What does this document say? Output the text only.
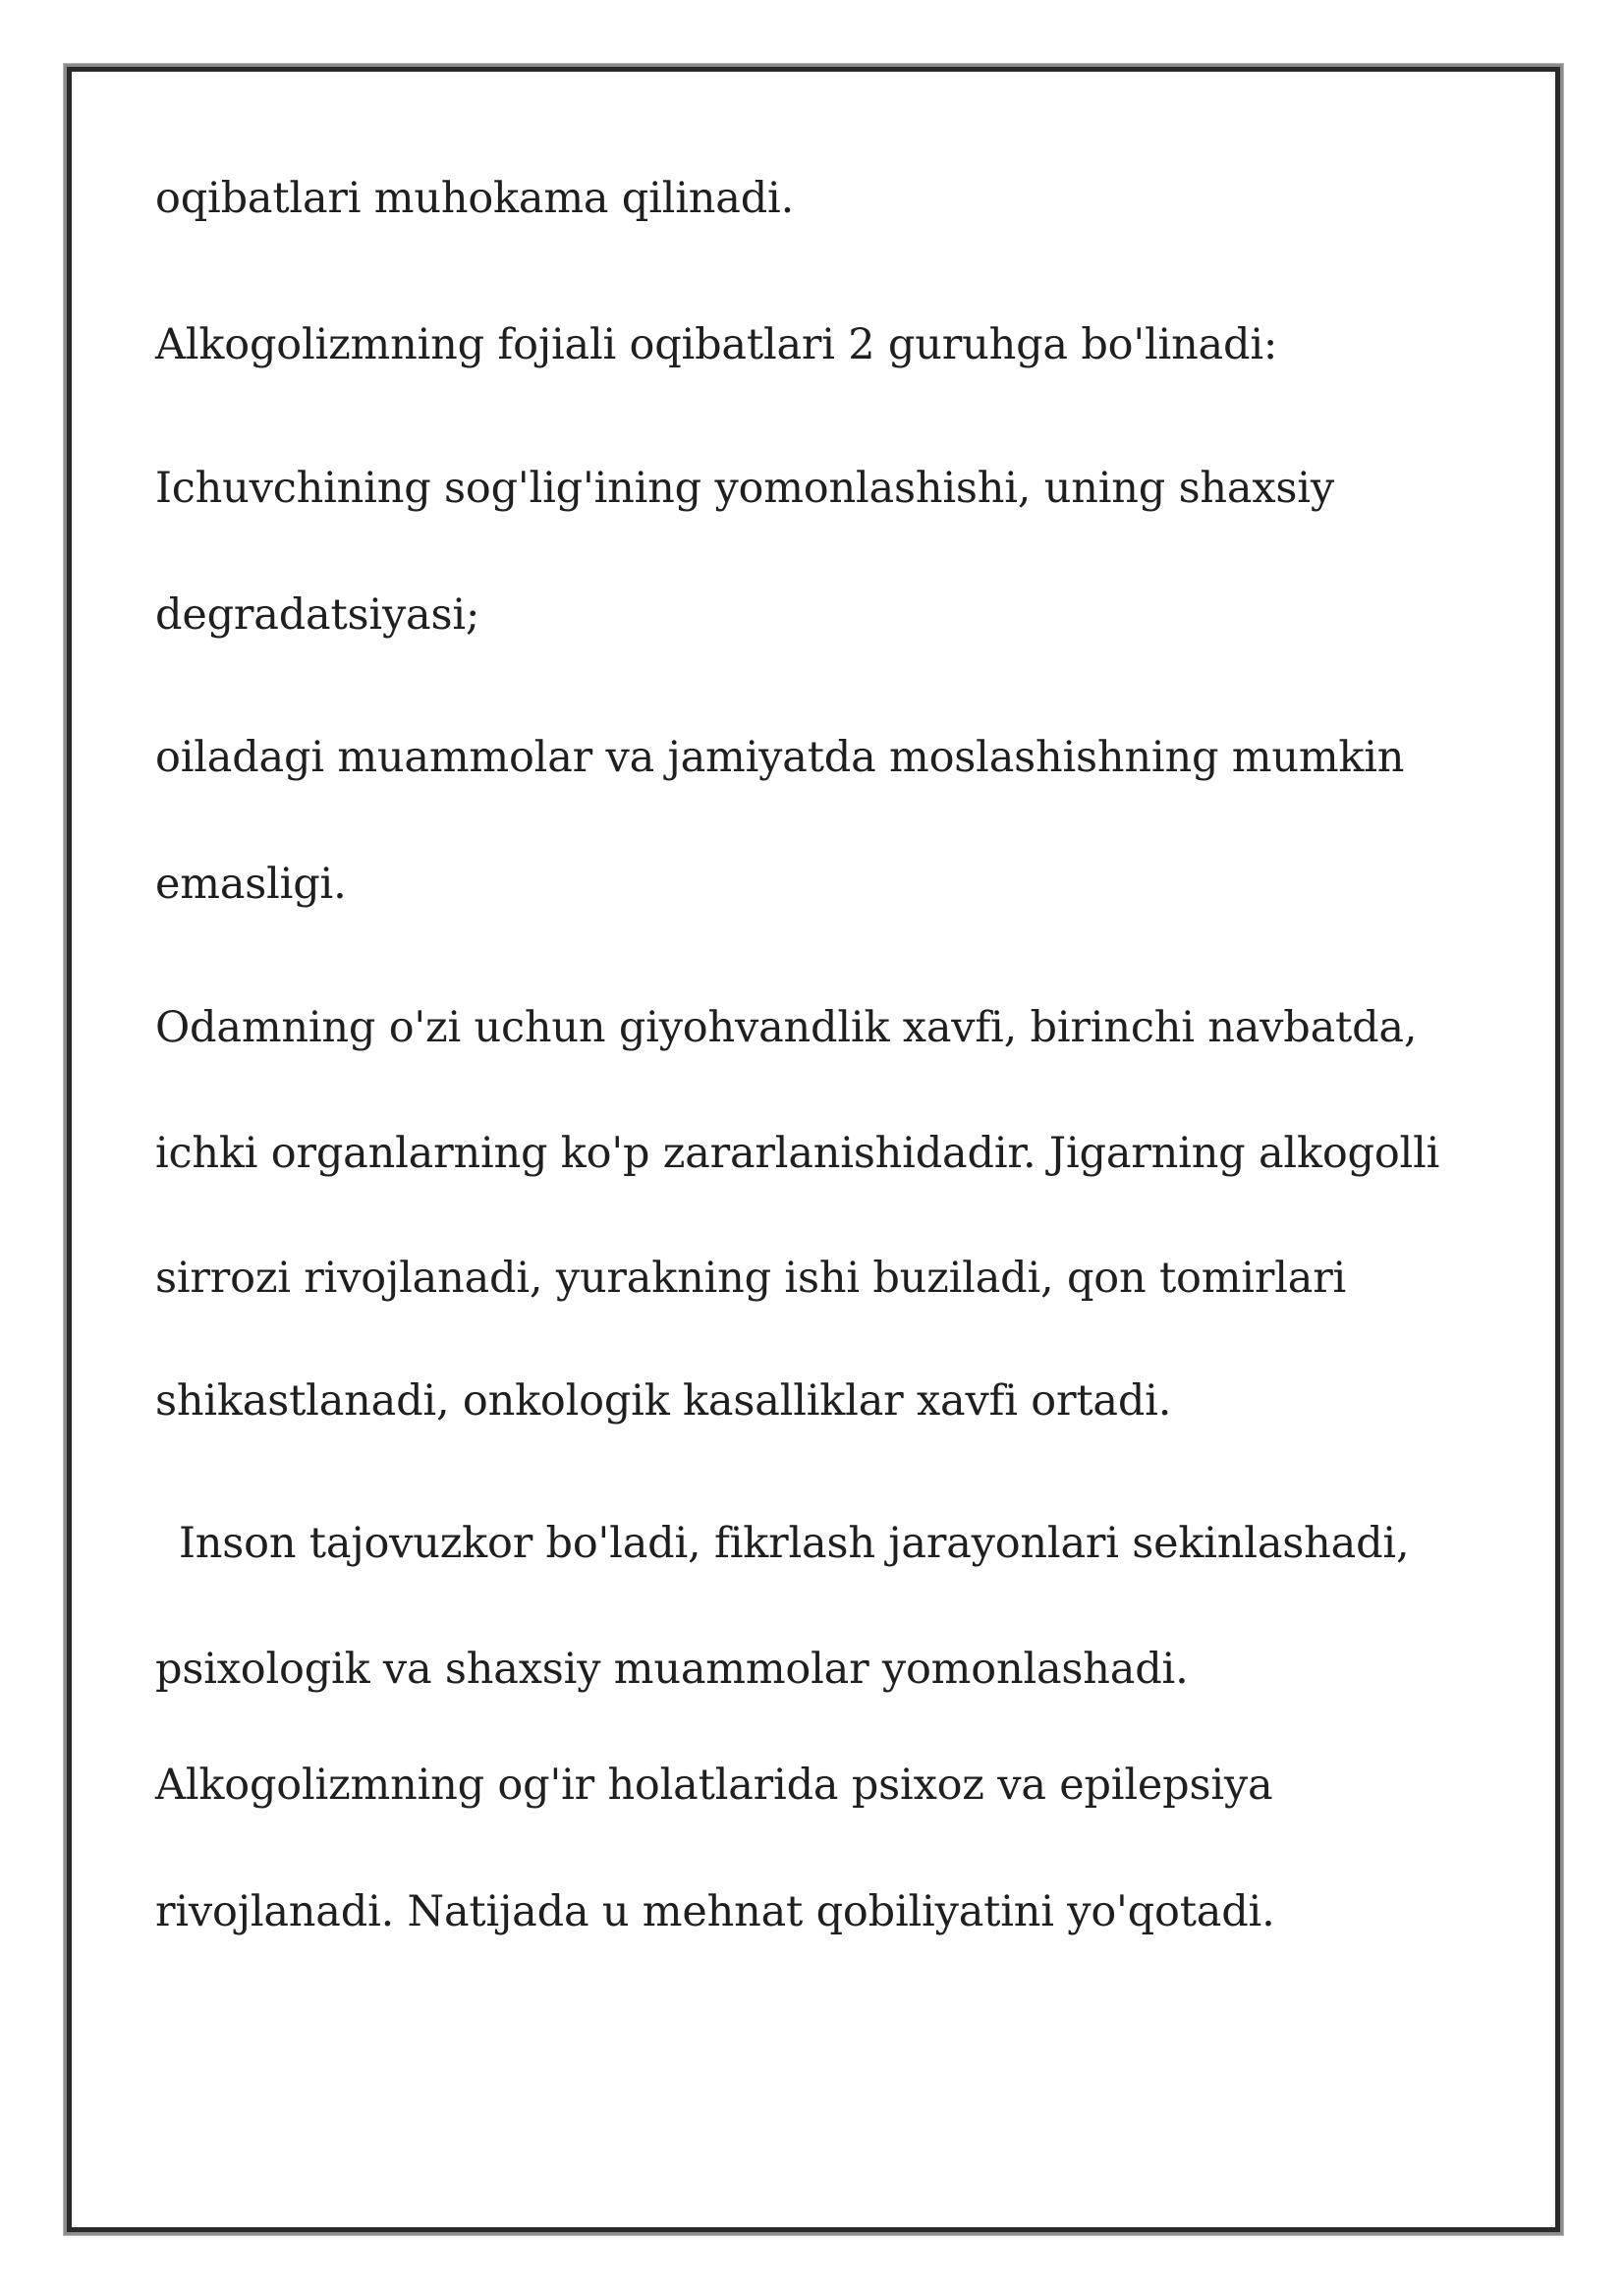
oqibatlari muhokama qilinadi.

Alkogolizmning fojiali oqibatlari 2 guruhga bo'linadi:

Ichuvchining sog'lig'ining yomonlashishi, uning shaxsiy

degradatsiyasi;

oiladagi muammolar va jamiyatda moslashishning mumkin

emasligi.

Odamning o'zi uchun giyohvandlik xavfi, birinchi navbatda,

ichki organlarning ko'p zararlanishidadir. Jigarning alkogolli

sirrozi rivojlanadi, yurakning ishi buziladi, qon tomirlari

shikastlanadi, onkologik kasalliklar xavfi ortadi.

Inson tajovuzkor bo'ladi, fikrlash jarayonlari sekinlashadi,

psixologik va shaxsiy muammolar yomonlashadi.

Alkogolizmning og'ir holatlarida psixoz va epilepsiya

rivojlanadi. Natijada u mehnat qobiliyatini yo'qotadi.
